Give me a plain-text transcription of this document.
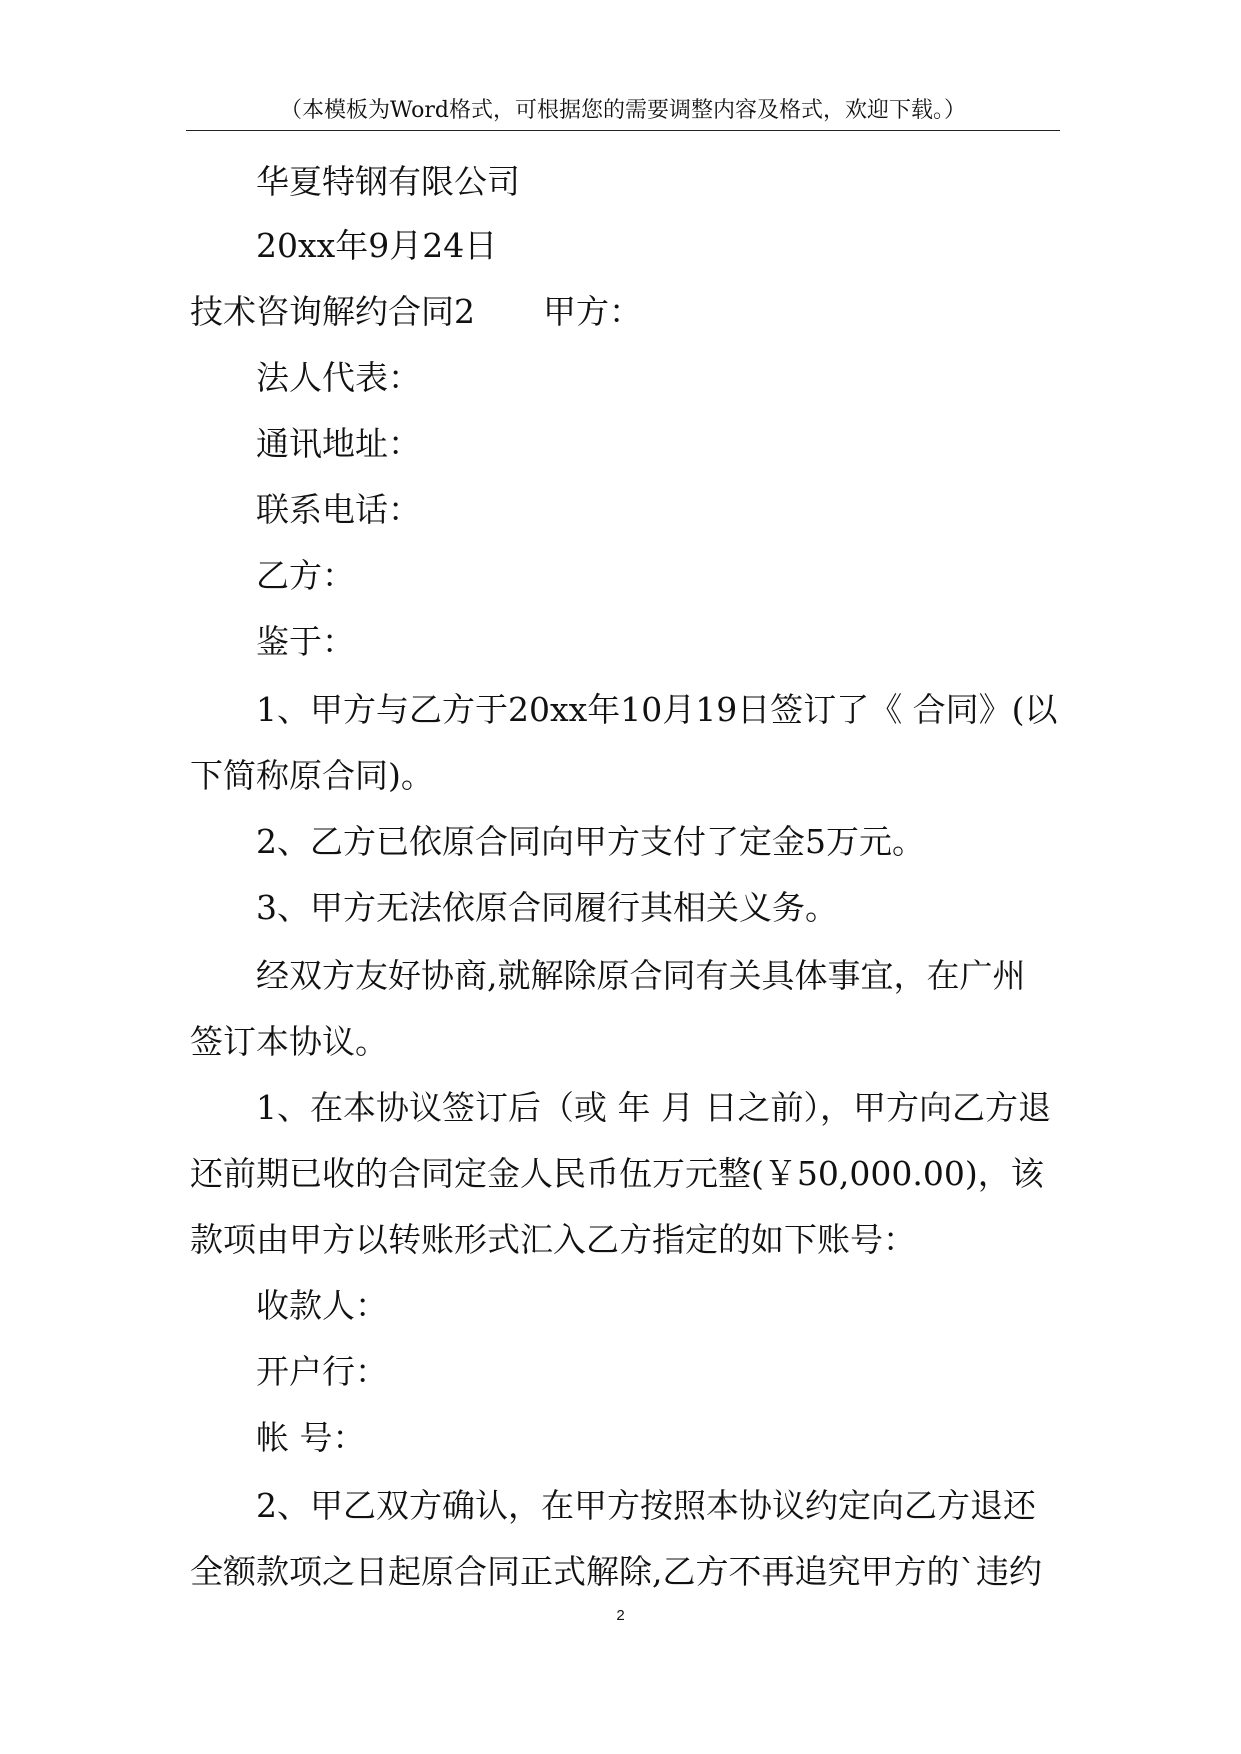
（本模板为Word格式，可根据您的需要调整内容及格式，欢迎下载。）
华夏特钢有限公司
20xx年9月24日
技术咨询解约合同2 甲方：
法人代表：
通讯地址：
联系电话：
乙方：
鉴于：
1、甲方与乙方于20xx年10月19日签订了《 合同》(以
下简称原合同)。
2、乙方已依原合同向甲方支付了定金5万元。
3、甲方无法依原合同履行其相关义务。
经双方友好协商,就解除原合同有关具体事宜，在广州
签订本协议。
1、在本协议签订后（或 年 月 日之前），甲方向乙方退
还前期已收的合同定金人民币伍万元整(￥50,000.00)，该
款项由甲方以转账形式汇入乙方指定的如下账号：
收款人：
开户行：
帐 号：
2、甲乙双方确认，在甲方按照本协议约定向乙方退还
全额款项之日起原合同正式解除,乙方不再追究甲方的`违约
2
